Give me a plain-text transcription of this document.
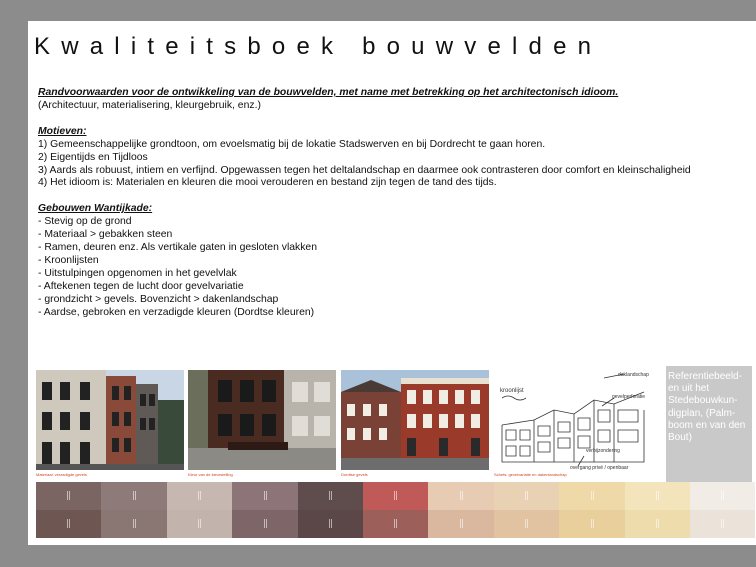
Kwaliteitsboek bouwvelden
Randvoorwaarden voor de ontwikkeling van de bouwvelden, met name met betrekking op het architectonisch idioom.
(Architectuur, materialisering, kleurgebruik, enz.)
Motieven:
1) Gemeenschappelijke grondtoon, om evoelsmatig bij de lokatie Stadswerven en bij Dordrecht te gaan horen.
2) Eigentijds en Tijdloos
3) Aards als robuust, intiem en verfijnd. Opgewassen tegen het deltalandschap en daarmee ook contrasteren door comfort en kleinschaligheid
4) Het idioom is: Materialen en kleuren die mooi verouderen en bestand zijn tegen de tand des tijds.
Gebouwen Wantijkade:
- Stevig op de grond
- Materiaal > gebakken steen
- Ramen, deuren enz. Als vertikale gaten in gesloten vlakken
- Kroonlijsten
- Uitstulpingen opgenomen in het gevelvlak
- Aftekenen tegen de lucht door gevelvariatie
- grondzicht > gevels. Bovenzicht > dakenlandschap
- Aardse, gebroken en verzadigde kleuren (Dordtse kleuren)
Materiaal: verzadigde gevels	Kleur van de kleurstelling	Dordtse gevels
kroonlijst
daklandschap
gevelperforatie
verbijzondering
overgang privé / openbaar
Schets: gevelvariatie en dakenlandschap
Referentiebeeld-en uit het Stedebouwkun-digplan, (Palm-boom en van den Bout)
